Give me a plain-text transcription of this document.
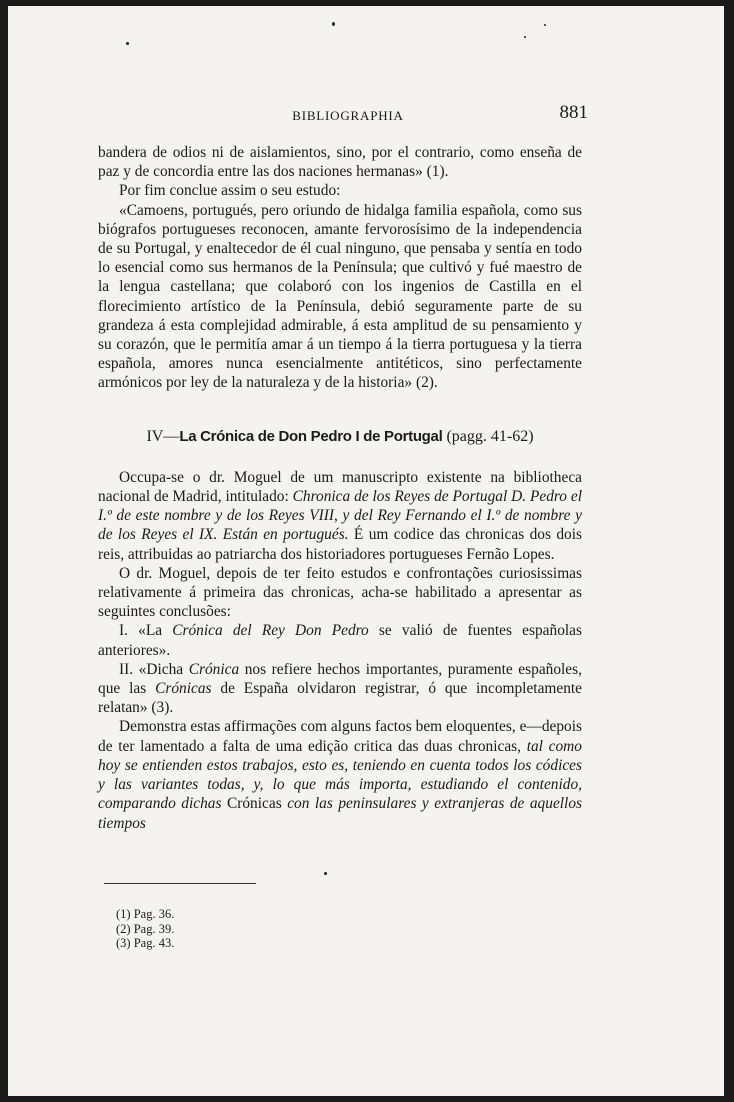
BIBLIOGRAPHIA	881

bandera de odios ni de aislamientos, sino, por el contrario, como enseña de paz y de concordia entre las dos naciones hermanas» (1).

Por fim conclue assim o seu estudo:

«Camoens, portugués, pero oriundo de hidalga familia española, como sus biógrafos portugueses reconocen, amante fervorosísimo de la independencia de su Portugal, y enaltecedor de él cual ninguno, que pensaba y sentía en todo lo esencial como sus hermanos de la Península; que cultivó y fué maestro de la lengua castellana; que colaboró con los ingenios de Castilla en el florecimiento artístico de la Península, debió seguramente parte de su grandeza á esta complejidad admirable, á esta amplitud de su pensamiento y su corazón, que le permitía amar á un tiempo á la tierra portuguesa y la tierra española, amores nunca esencialmente antitéticos, sino perfectamente armónicos por ley de la naturaleza y de la historia» (2).

IV—La Crónica de Don Pedro I de Portugal (pagg. 41-62)

Occupa-se o dr. Moguel de um manuscripto existente na bibliotheca nacional de Madrid, intitulado: Chronica de los Reyes de Portugal D. Pedro el I.º de este nombre y de los Reyes VIII, y del Rey Fernando el I.º de nombre y de los Reyes el IX. Están en portugués. É um codice das chronicas dos dois reis, attribuidas ao patriarcha dos historiadores portugueses Fernão Lopes.

O dr. Moguel, depois de ter feito estudos e confrontações curiosissimas relativamente á primeira das chronicas, acha-se habilitado a apresentar as seguintes conclusões:

I. «La Crónica del Rey Don Pedro se valió de fuentes españolas anteriores».

II. «Dicha Crónica nos refiere hechos importantes, puramente españoles, que las Crónicas de España olvidaron registrar, ó que incompletamente relatan» (3).

Demonstra estas affirmações com alguns factos bem eloquentes, e—depois de ter lamentado a falta de uma edição critica das duas chronicas, tal como hoy se entienden estos trabajos, esto es, teniendo en cuenta todos los códices y las variantes todas, y, lo que más importa, estudiando el contenido, comparando dichas Crónicas con las peninsulares y extranjeras de aquellos tiempos

(1) Pag. 36.
(2) Pag. 39.
(3) Pag. 43.
